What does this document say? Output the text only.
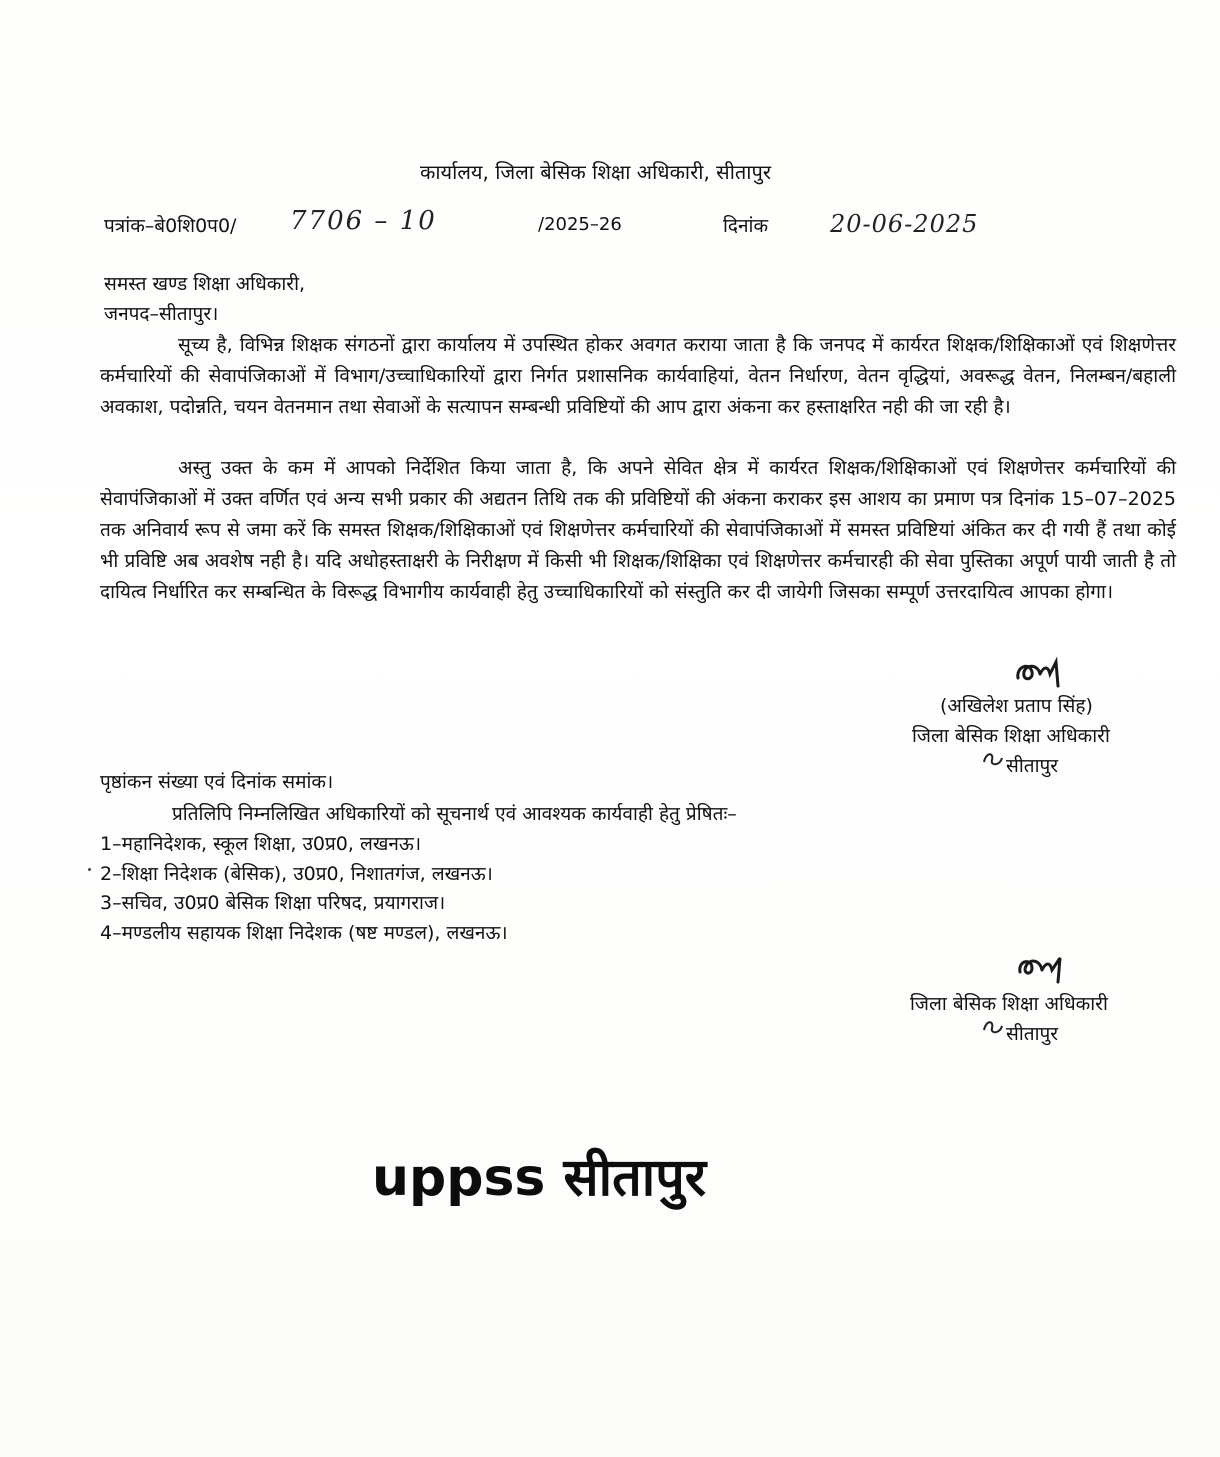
कार्यालय, जिला बेसिक शिक्षा अधिकारी, सीतापुर
पत्रांक–बे0शि0प0/ 7706 – 10	/2025–26	दिनांक	20-06-2025
समस्त खण्ड शिक्षा अधिकारी,
जनपद–सीतापुर।
सूच्य है, विभिन्न शिक्षक संगठनों द्वारा कार्यालय में उपस्थित होकर अवगत कराया जाता है कि जनपद में कार्यरत शिक्षक/शिक्षिकाओं एवं शिक्षणेत्तर कर्मचारियों की सेवापंजिकाओं में विभाग/उच्चाधिकारियों द्वारा निर्गत प्रशासनिक कार्यवाहियां, वेतन निर्धारण, वेतन वृद्धियां, अवरूद्ध वेतन, निलम्बन/बहाली अवकाश, पदोन्नति, चयन वेतनमान तथा सेवाओं के सत्यापन सम्बन्धी प्रविष्टियों की आप द्वारा अंकना कर हस्ताक्षरित नही की जा रही है।
अस्तु उक्त के कम में आपको निर्देशित किया जाता है, कि अपने सेवित क्षेत्र में कार्यरत शिक्षक/शिक्षिकाओं एवं शिक्षणेत्तर कर्मचारियों की सेवापंजिकाओं में उक्त वर्णित एवं अन्य सभी प्रकार की अद्यतन तिथि तक की प्रविष्टियों की अंकना कराकर इस आशय का प्रमाण पत्र दिनांक 15–07–2025 तक अनिवार्य रूप से जमा करें कि समस्त शिक्षक/शिक्षिकाओं एवं शिक्षणेत्तर कर्मचारियों की सेवापंजिकाओं में समस्त प्रविष्टियां अंकित कर दी गयी हैं तथा कोई भी प्रविष्टि अब अवशेष नही है। यदि अधोहस्ताक्षरी के निरीक्षण में किसी भी शिक्षक/शिक्षिका एवं शिक्षणेत्तर कर्मचारही की सेवा पुस्तिका अपूर्ण पायी जाती है तो दायित्व निर्धारित कर सम्बन्धित के विरूद्ध विभागीय कार्यवाही हेतु उच्चाधिकारियों को संस्तुति कर दी जायेगी जिसका सम्पूर्ण उत्तरदायित्व आपका होगा।
(अखिलेश प्रताप सिंह)
जिला बेसिक शिक्षा अधिकारी
सीतापुर
पृष्ठांकन संख्या एवं दिनांक समांक।
प्रतिलिपि निम्नलिखित अधिकारियों को सूचनार्थ एवं आवश्यक कार्यवाही हेतु प्रेषितः–
1–महानिदेशक, स्कूल शिक्षा, उ0प्र0, लखनऊ।
2–शिक्षा निदेशक (बेसिक), उ0प्र0, निशातगंज, लखनऊ।
3–सचिव, उ0प्र0 बेसिक शिक्षा परिषद, प्रयागराज।
4–मण्डलीय सहायक शिक्षा निदेशक (षष्ट मण्डल), लखनऊ।
जिला बेसिक शिक्षा अधिकारी
सीतापुर
uppss सीतापुर
